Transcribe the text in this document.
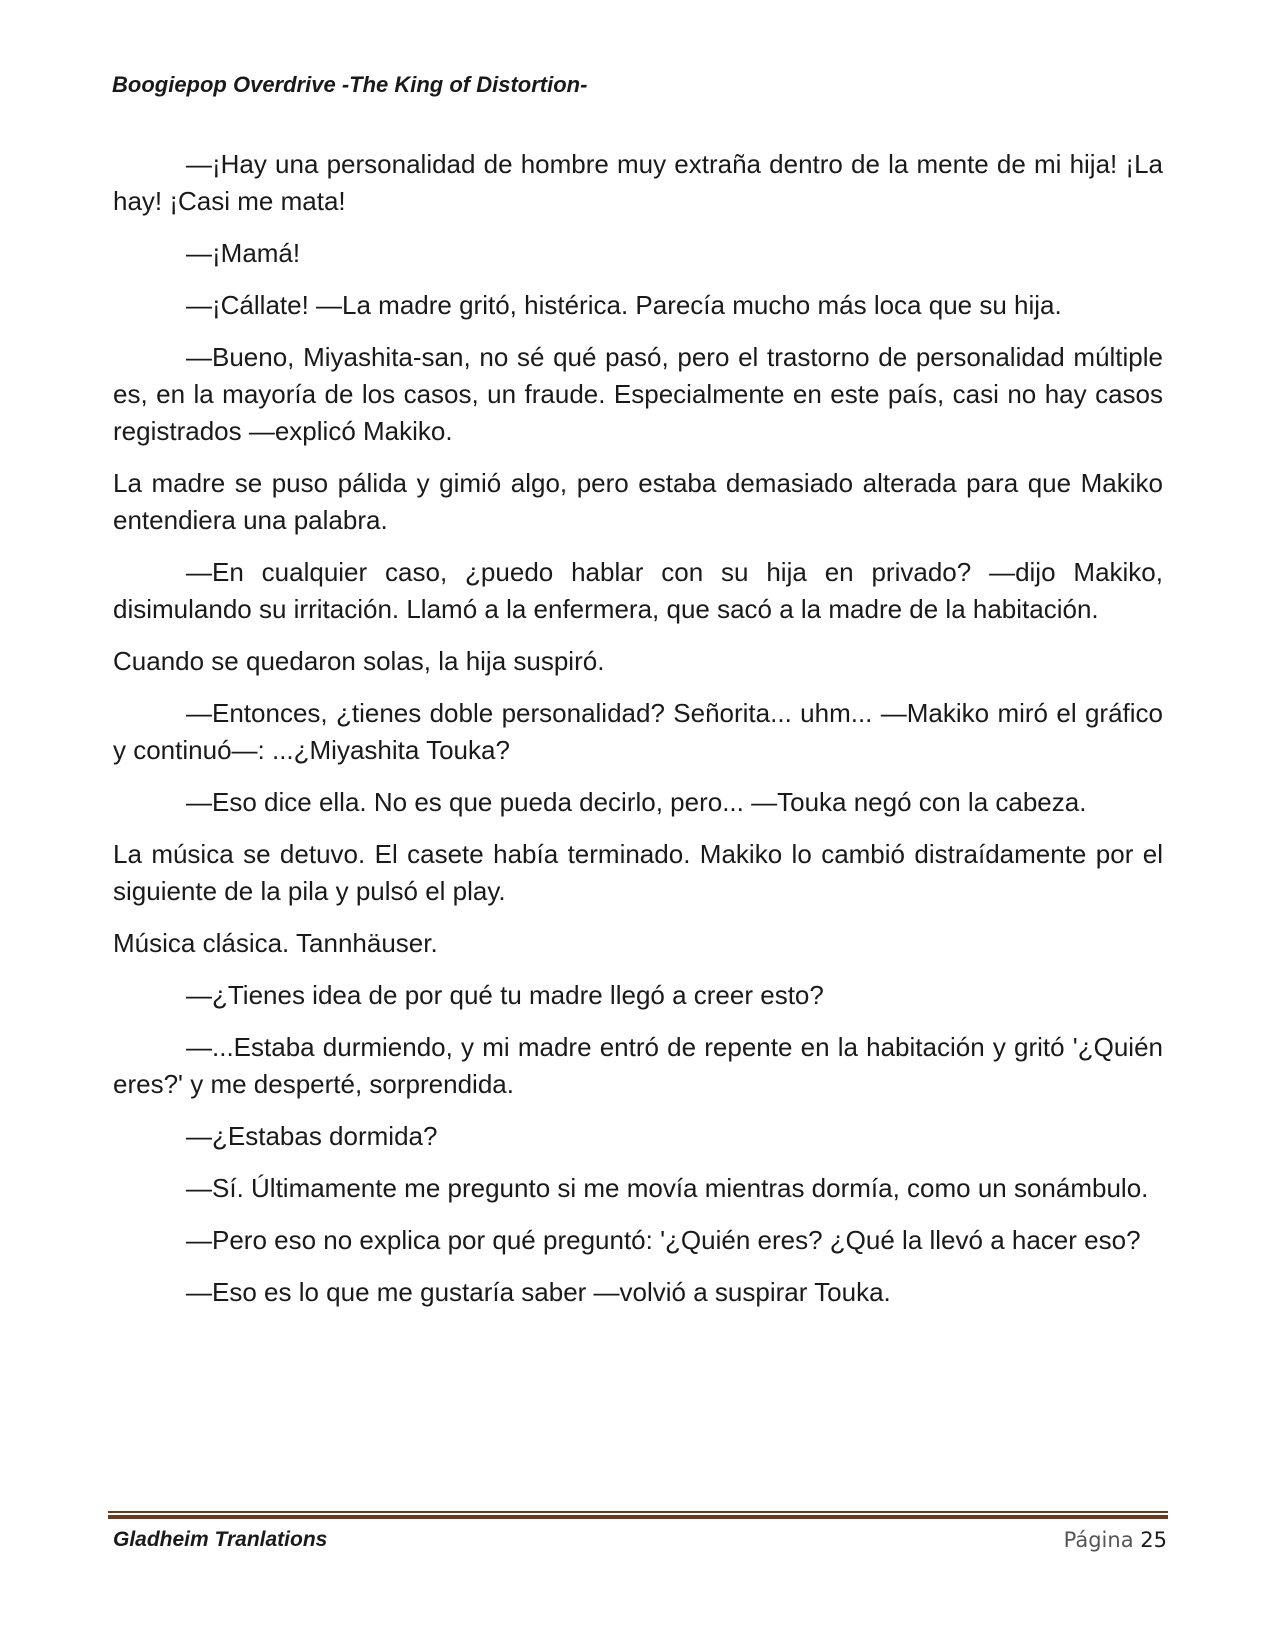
Boogiepop Overdrive -The King of Distortion-

—¡Hay una personalidad de hombre muy extraña dentro de la mente de mi hija! ¡La hay! ¡Casi me mata!

—¡Mamá!

—¡Cállate! —La madre gritó, histérica. Parecía mucho más loca que su hija.

—Bueno, Miyashita-san, no sé qué pasó, pero el trastorno de personalidad múltiple es, en la mayoría de los casos, un fraude. Especialmente en este país, casi no hay casos registrados —explicó Makiko.

La madre se puso pálida y gimió algo, pero estaba demasiado alterada para que Makiko entendiera una palabra.

—En cualquier caso, ¿puedo hablar con su hija en privado? —dijo Makiko, disimulando su irritación. Llamó a la enfermera, que sacó a la madre de la habitación.

Cuando se quedaron solas, la hija suspiró.

—Entonces, ¿tienes doble personalidad? Señorita... uhm... —Makiko miró el gráfico y continuó—: ...¿Miyashita Touka?

—Eso dice ella. No es que pueda decirlo, pero... —Touka negó con la cabeza.

La música se detuvo. El casete había terminado. Makiko lo cambió distraídamente por el siguiente de la pila y pulsó el play.

Música clásica. Tannhäuser.

—¿Tienes idea de por qué tu madre llegó a creer esto?

—...Estaba durmiendo, y mi madre entró de repente en la habitación y gritó '¿Quién eres?' y me desperté, sorprendida.

—¿Estabas dormida?

—Sí. Últimamente me pregunto si me movía mientras dormía, como un sonámbulo.

—Pero eso no explica por qué preguntó: '¿Quién eres? ¿Qué la llevó a hacer eso?

—Eso es lo que me gustaría saber —volvió a suspirar Touka.

Gladheim Tranlations	Página 25
